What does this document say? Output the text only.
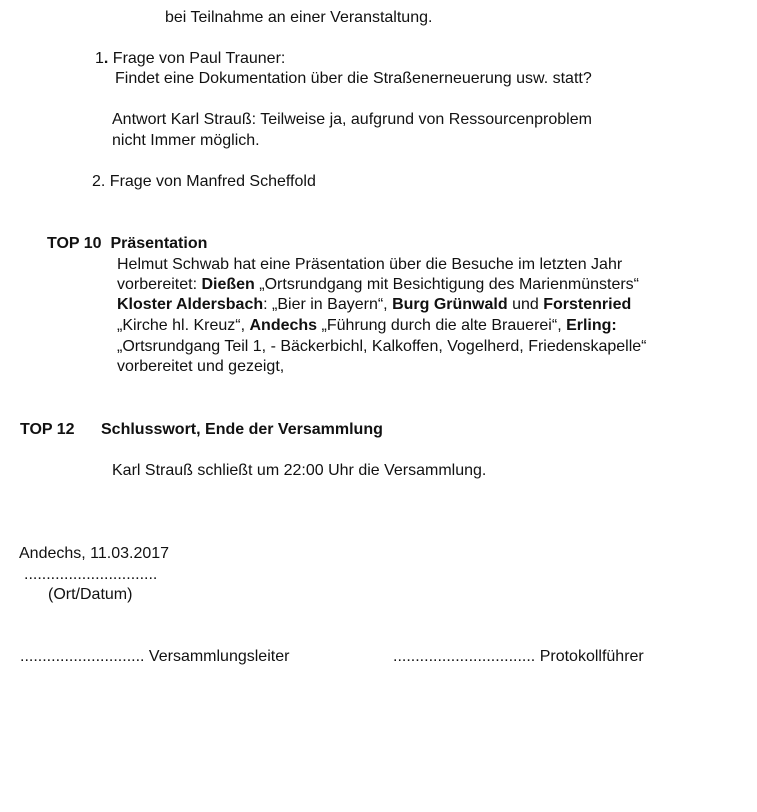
bei Teilnahme an einer Veranstaltung.

1. Frage von Paul Trauner:

Findet eine Dokumentation über die Straßenerneuerung usw. statt?

Antwort Karl Strauß: Teilweise ja, aufgrund von Ressourcenproblem

nicht Immer möglich.

2. Frage von Manfred Scheffold

TOP 10  Präsentation

Helmut Schwab hat eine Präsentation über die Besuche im letzten Jahr

vorbereitet: Dießen „Ortsrundgang mit Besichtigung des Marienmünsters“

Kloster Aldersbach: „Bier in Bayern“, Burg Grünwald und Forstenried

„Kirche hl. Kreuz“, Andechs „Führung durch die alte Brauerei“, Erling:

„Ortsrundgang Teil 1, - Bäckerbichl, Kalkoffen, Vogelherd, Friedenskapelle“

vorbereitet und gezeigt,

TOP 12 Schlusswort, Ende der Versammlung

Karl Strauß schließt um 22:00 Uhr die Versammlung.

Andechs, 11.03.2017

..............................

(Ort/Datum)

............................ Versammlungsleiter	................................ Protokollführer
